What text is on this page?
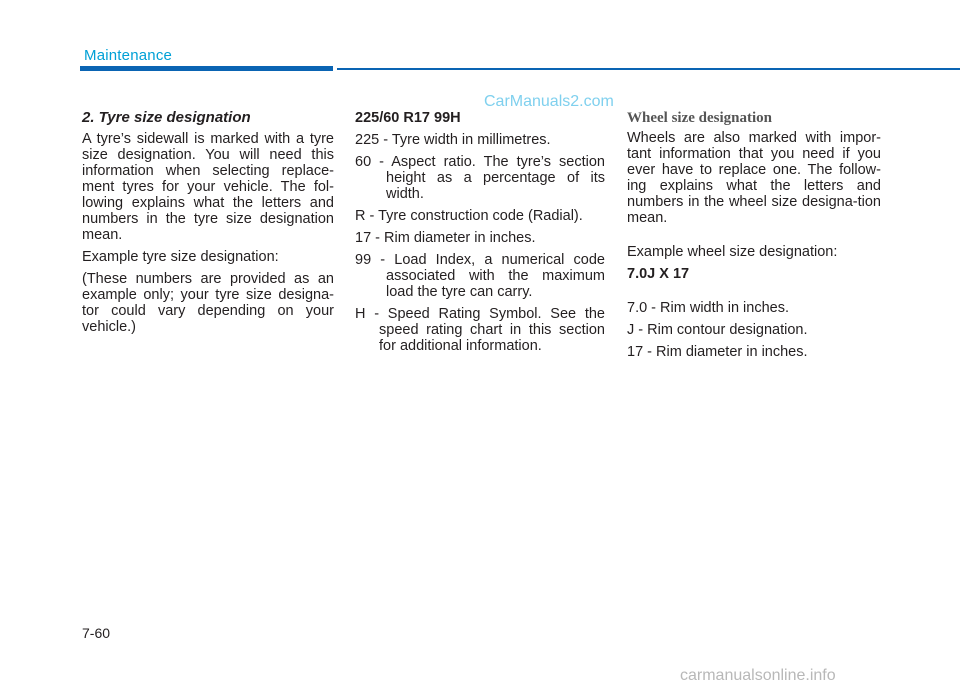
Maintenance
CarManuals2.com

2. Tyre size designation

A tyre’s sidewall is marked with a tyre size designation. You will need this information when selecting replace-ment tyres for your vehicle. The fol-lowing explains what the letters and numbers in the tyre size designation mean.

Example tyre size designation:

(These numbers are provided as an example only; your tyre size designa-tor could vary depending on your vehicle.)

225/60 R17 99H

225 - Tyre width in millimetres.

60 - Aspect ratio. The tyre’s section height as a percentage of its width.

R - Tyre construction code (Radial).

17 - Rim diameter in inches.

99 - Load Index, a numerical code associated with the maximum load the tyre can carry.

H - Speed Rating Symbol. See the speed rating chart in this section for additional information.

Wheel size designation

Wheels are also marked with impor-tant information that you need if you ever have to replace one. The follow-ing explains what the letters and numbers in the wheel size designa-tion mean.

Example wheel size designation:

7.0J X 17

7.0 - Rim width in inches.

J - Rim contour designation.

17 - Rim diameter in inches.

7-60
carmanualsonline.info
